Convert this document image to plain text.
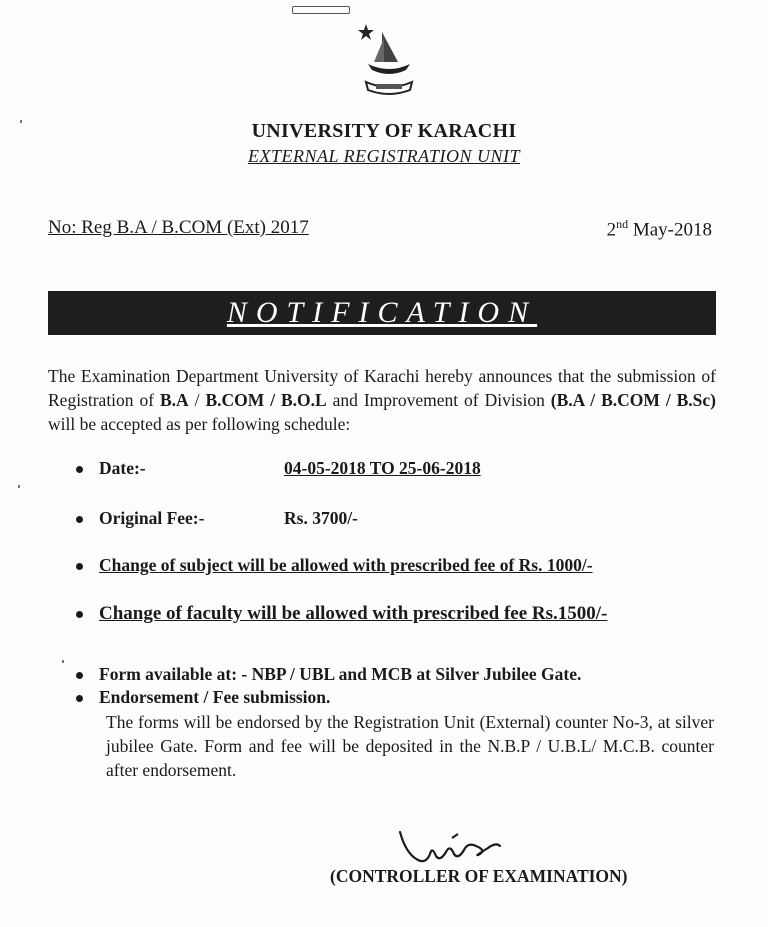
UNIVERSITY OF KARACHI
EXTERNAL REGISTRATION UNIT
No: Reg B.A / B.COM (Ext) 2017	2nd May-2018
NOTIFICATION
The Examination Department University of Karachi hereby announces that the submission of Registration of B.A / B.COM / B.O.L and Improvement of Division (B.A / B.COM / B.Sc) will be accepted as per following schedule:
Date:-	04-05-2018 TO 25-06-2018
Original Fee:-	Rs. 3700/-
Change of subject will be allowed with prescribed fee of Rs. 1000/-
Change of faculty will be allowed with prescribed fee Rs.1500/-
Form available at: - NBP / UBL and MCB at Silver Jubilee Gate.
Endorsement / Fee submission.
The forms will be endorsed by the Registration Unit (External) counter No-3, at silver jubilee Gate. Form and fee will be deposited in the N.B.P / U.B.L/ M.C.B. counter after endorsement.
(CONTROLLER OF EXAMINATION)
